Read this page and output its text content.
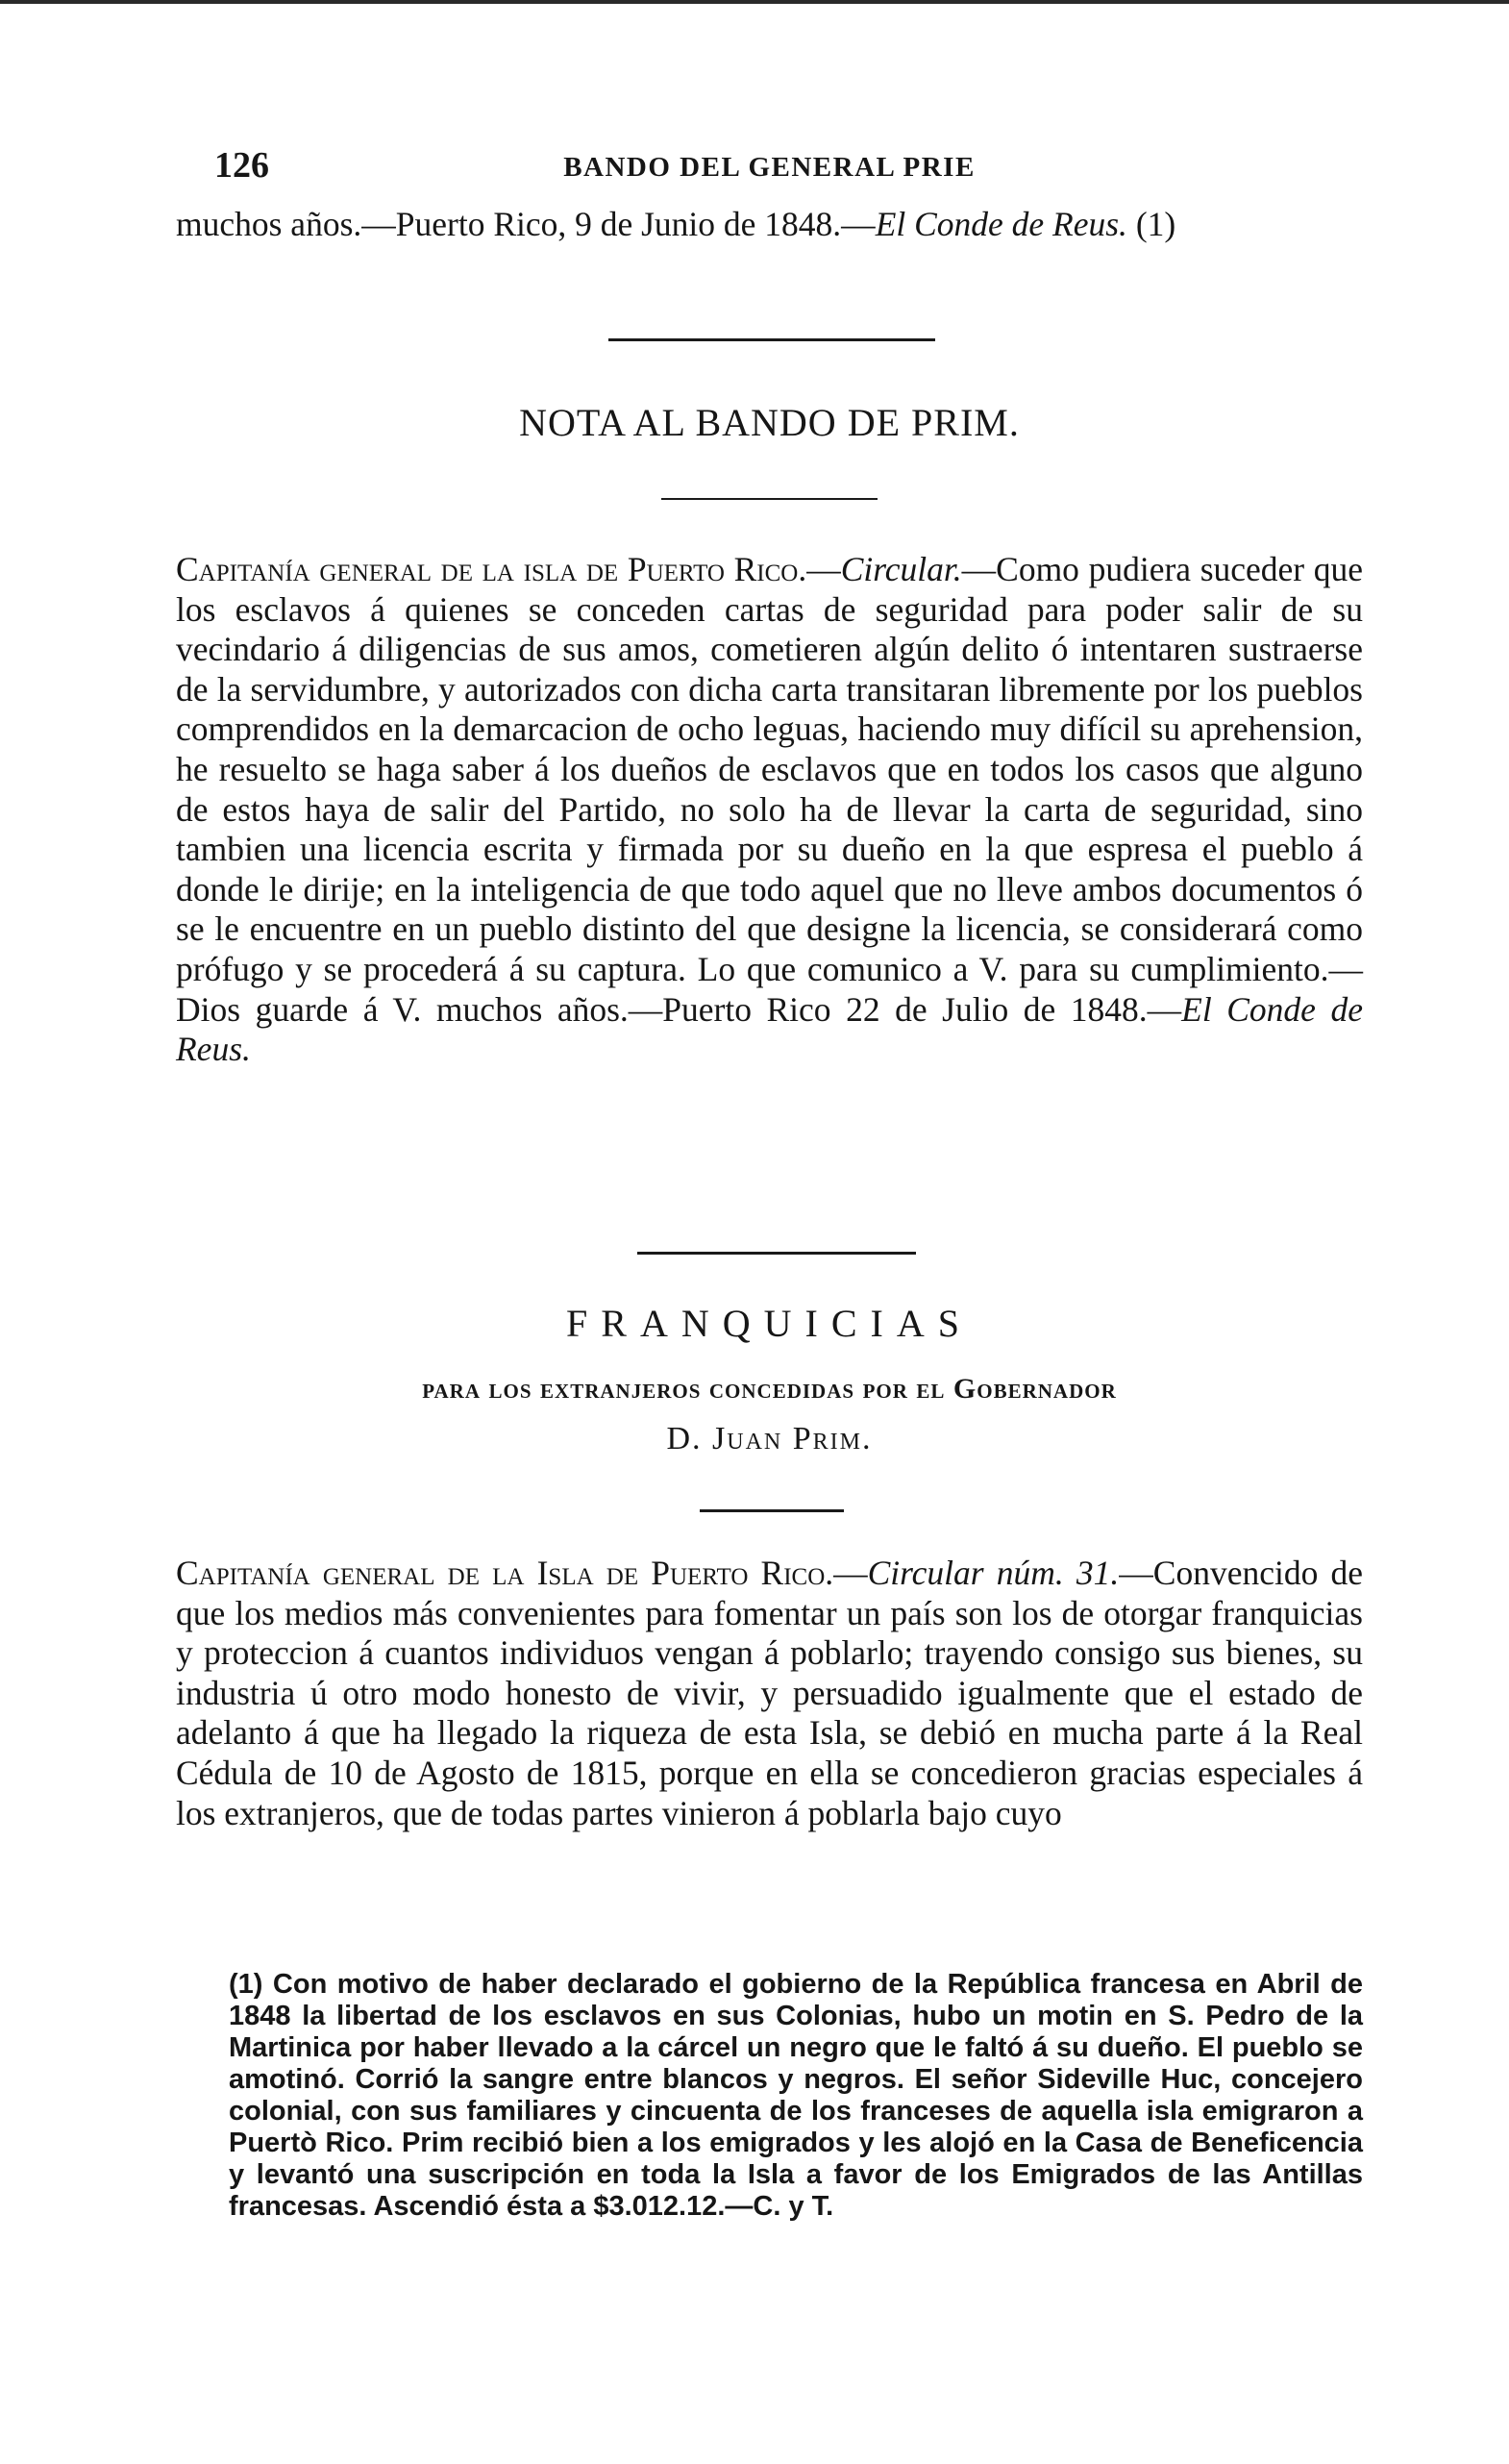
126	BANDO DEL GENERAL PRIE
muchos años.—Puerto Rico, 9 de Junio de 1848.—El Conde de Reus. (1)
NOTA AL BANDO DE PRIM.
Capitanía general de la isla de Puerto Rico.—Circular.—Como pudiera suceder que los esclavos á quienes se conceden cartas de seguridad para poder salir de su vecindario á diligencias de sus amos, cometieren algún delito ó intentaren sustraerse de la servidumbre, y autorizados con dicha carta transitaran libremente por los pueblos comprendidos en la demarcacion de ocho leguas, haciendo muy difícil su aprehension, he resuelto se haga saber á los dueños de esclavos que en todos los casos que alguno de estos haya de salir del Partido, no solo ha de llevar la carta de seguridad, sino tambien una licencia escrita y firmada por su dueño en la que espresa el pueblo á donde le dirije; en la inteligencia de que todo aquel que no lleve ambos documentos ó se le encuentre en un pueblo distinto del que designe la licencia, se considerará como prófugo y se procederá á su captura. Lo que comunico a V. para su cumplimiento.—Dios guarde á V. muchos años.—Puerto Rico 22 de Julio de 1848.—El Conde de Reus.
FRANQUICIAS
para los extranjeros concedidas por el Gobernador
D. Juan Prim.
Capitanía general de la Isla de Puerto Rico.—Circular núm. 31.—Convencido de que los medios más convenientes para fomentar un país son los de otorgar franquicias y proteccion á cuantos individuos vengan á poblarlo; trayendo consigo sus bienes, su industria ú otro modo honesto de vivir, y persuadido igualmente que el estado de adelanto á que ha llegado la riqueza de esta Isla, se debió en mucha parte á la Real Cédula de 10 de Agosto de 1815, porque en ella se concedieron gracias especiales á los extranjeros, que de todas partes vinieron á poblarla bajo cuyo
(1) Con motivo de haber declarado el gobierno de la República francesa en Abril de 1848 la libertad de los esclavos en sus Colonias, hubo un motin en S. Pedro de la Martinica por haber llevado a la cárcel un negro que le faltó á su dueño. El pueblo se amotinó. Corrió la sangre entre blancos y negros. El señor Sideville Huc, concejero colonial, con sus familiares y cincuenta de los franceses de aquella isla emigraron a Puertò Rico. Prim recibió bien a los emigrados y les alojó en la Casa de Beneficencia y levantó una suscripción en toda la Isla a favor de los Emigrados de las Antillas francesas. Ascendió ésta a $3.012.12.—C. y T.
